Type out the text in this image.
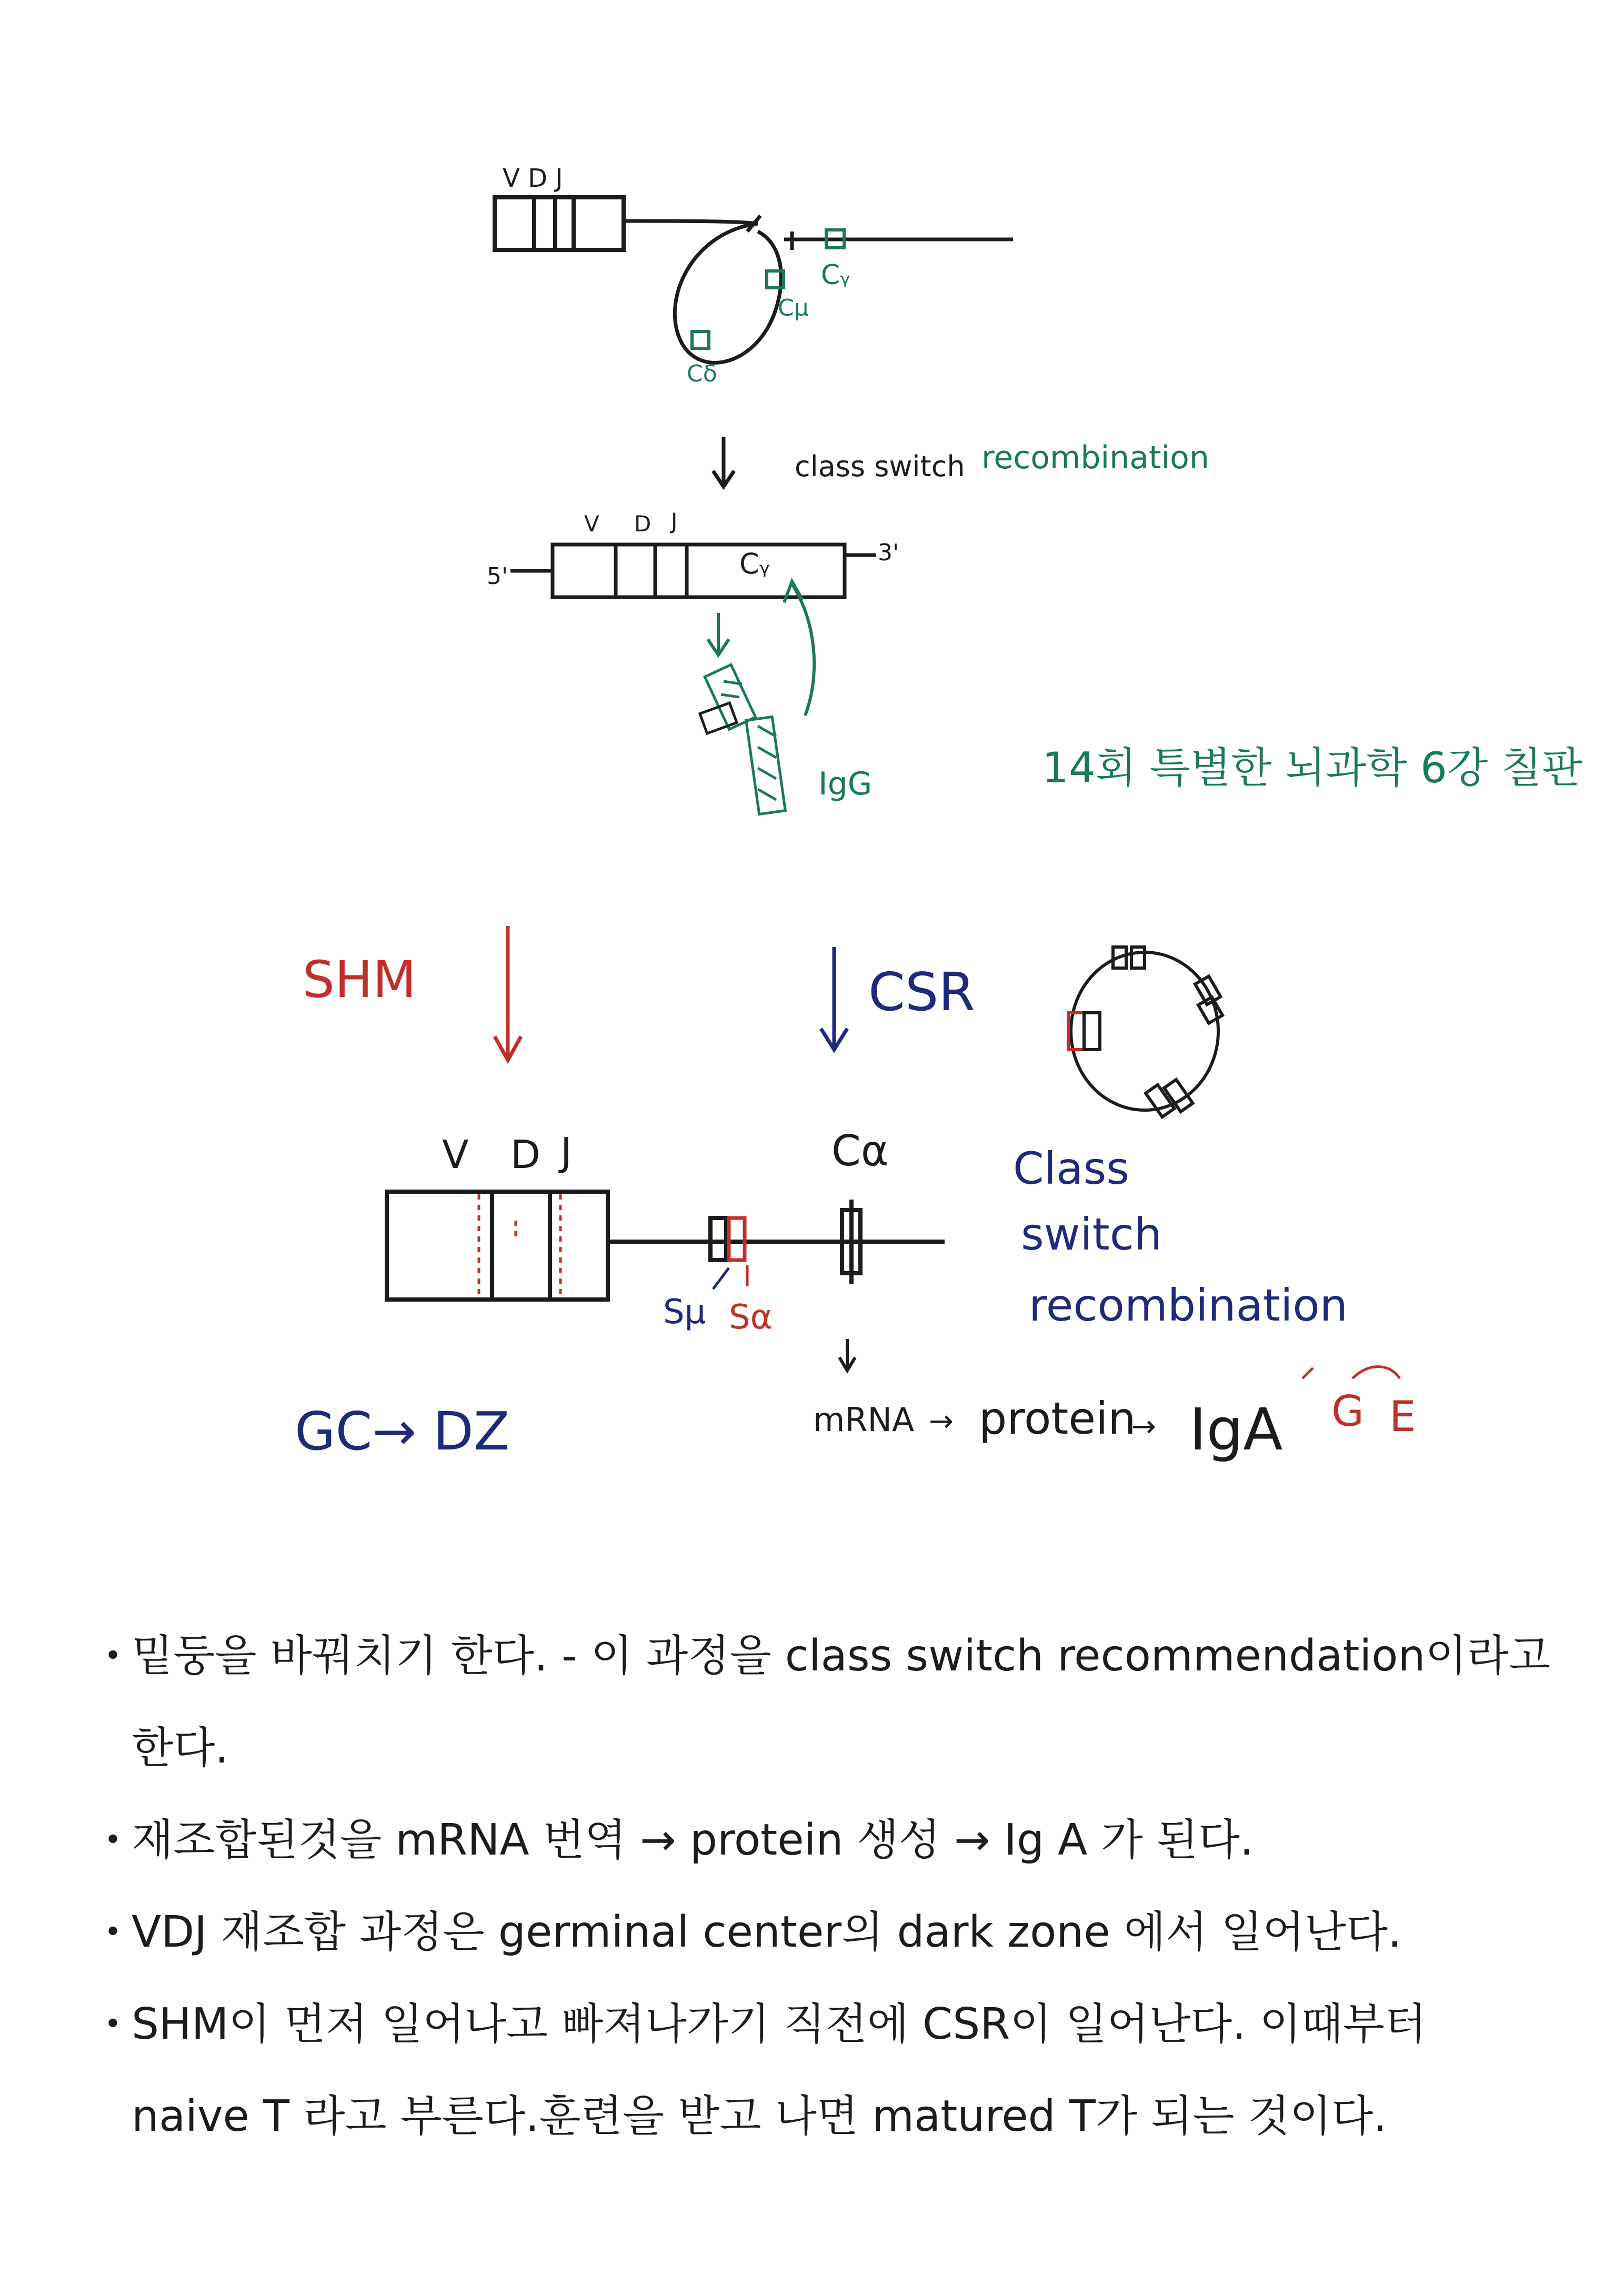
V D J
Cᵧ
Cμ
Cδ
class switch recombination
V D J
5'
3'
Cᵧ
IgG	14회 특별한 뇌과학 6강 칠판
SHM	CSR
V D J	Cα
Sμ Sα
Class
switch
recombination
GC→ DZ	mRNA → protein
→ IgA G E
• 밑둥을 바꿔치기 한다. - 이 과정을 class switch recommendation이라고
한다.
• 재조합된것을 mRNA 번역 → protein 생성 → Ig A 가 된다.
• VDJ 재조합 과정은 germinal center의 dark zone 에서 일어난다.
• SHM이 먼저 일어나고 빠져나가기 직전에 CSR이 일어난다. 이때부터
naive T 라고 부른다.훈련을 받고 나면 matured T가 되는 것이다.
